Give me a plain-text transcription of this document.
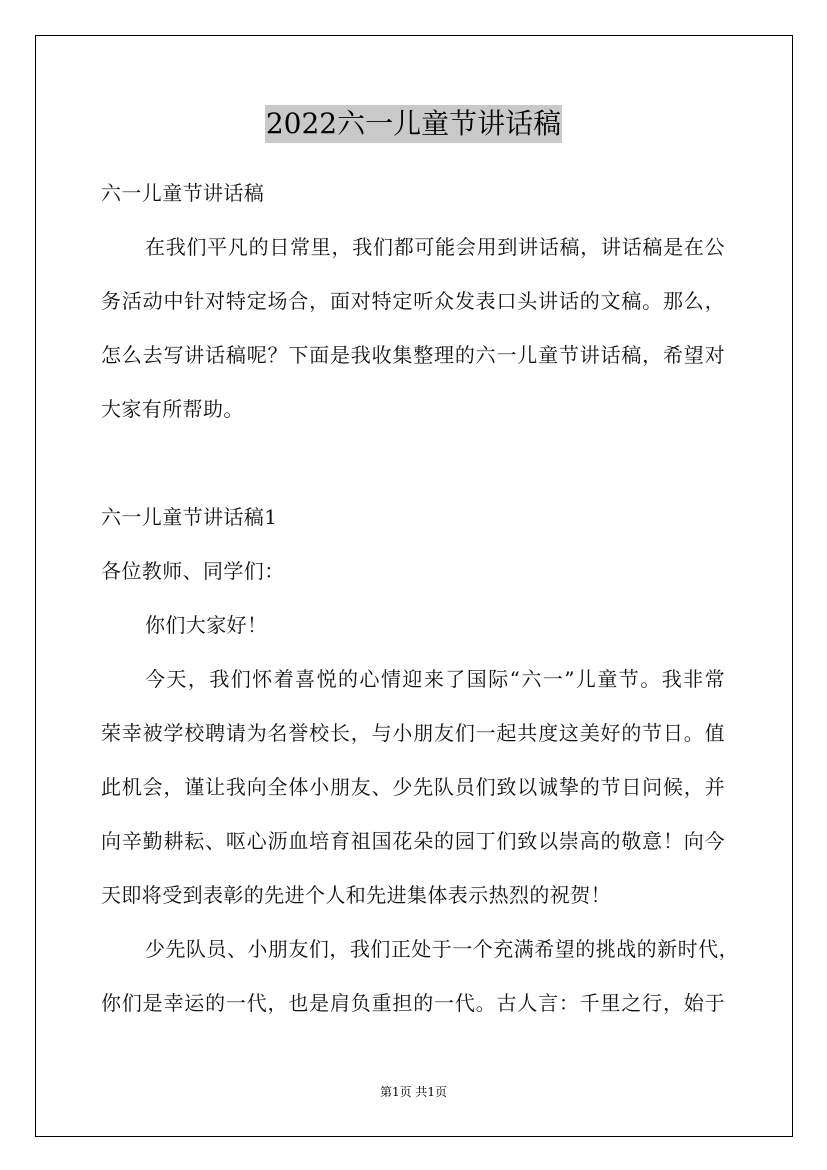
2022六一儿童节讲话稿
六一儿童节讲话稿
在我们平凡的日常里，我们都可能会用到讲话稿，讲话稿是在公
务活动中针对特定场合，面对特定听众发表口头讲话的文稿。那么，
怎么去写讲话稿呢？下面是我收集整理的六一儿童节讲话稿，希望对
大家有所帮助。
六一儿童节讲话稿1
各位教师、同学们：
你们大家好！
今天，我们怀着喜悦的心情迎来了国际“六一”儿童节。我非常
荣幸被学校聘请为名誉校长，与小朋友们一起共度这美好的节日。值
此机会，谨让我向全体小朋友、少先队员们致以诚挚的节日问候，并
向辛勤耕耘、呕心沥血培育祖国花朵的园丁们致以崇高的敬意！向今
天即将受到表彰的先进个人和先进集体表示热烈的祝贺！
少先队员、小朋友们，我们正处于一个充满希望的挑战的新时代，
你们是幸运的一代，也是肩负重担的一代。古人言：千里之行，始于
第1页 共1页
